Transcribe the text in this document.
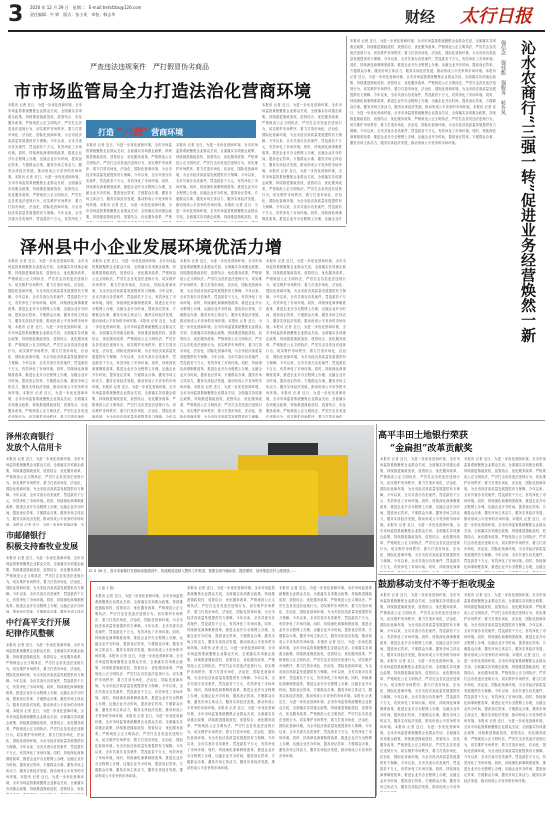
3 2020 年 12 月 29 日　星期二　E-mail:tmfxfzbs@126.com
责任编辑：牛 婷　版式：张小英　审校：韩志华	财经 太行日报
严查违法违规案件　严打假冒伪劣商品
市市场监管局全力打造法治化营商环境
本报讯 记者 近日，为进一步优化营商环境，全市市场监管系统聚焦企业群众关切，全面落实各项惠企政策，持续推进简政放权、放管结合、优化服务改革，严格规范公正文明执法，严厉打击各类违法违规行为，切实维护市场秩序，着力打造市场化、法治化、国际化营商环境，为全市经济高质量发展提供有力保障。今年以来，全市共查办各类案件，罚没款若干万元，有效净化了市场环境。同时，持续深化商事制度改革，推进企业开办全程网上办理，压缩企业开办时间，提高登记效率，方便群众办事，激发市场主体活力，服务实体经济发展，推动形成公平竞争的市场环境。本报讯 记者 近日，为进一步优化营商环境，全市市场监管系统聚焦企业群众关切，全面落实各项惠企政策，持续推进简政放权、放管结合、优化服务改革，严格规范公正文明执法，严厉打击各类违法违规行为，切实维护市场秩序，着力打造市场化、法治化、国际化营商环境，为全市经济高质量发展提供有力保障。今年以来，全市共查办各类案件，罚没款若干万元，有效净化了
打造 “六最” 营商环境
本报讯 记者 近日，为进一步优化营商环境，全市市场监管系统聚焦企业群众关切，全面落实各项惠企政策，持续推进简政放权、放管结合、优化服务改革，严格规范公正文明执法，严厉打击各类违法违规行为，切实维护市场秩序，着力打造市场化、法治化、国际化营商环境，为全市经济高质量发展提供有力保障。今年以来，全市共查办各类案件，罚没款若干万元，有效净化了市场环境。同时，持续深化商事制度改革，推进企业开办全程网上办理，压缩企业开办时间，提高登记效率，方便群众办事，激发市场主体活力，服务实体经济发展，推动形成公平竞争的市场环境。本报讯 记者 近日，为进一步优化营商环境，全市市场监管系统聚焦企业群众关切，全面落实各项惠企政策，持续推进简政放权、放管结合、优化服务改革，严格
本报讯 记者 近日，为进一步优化营商环境，全市市场监管系统聚焦企业群众关切，全面落实各项惠企政策，持续推进简政放权、放管结合、优化服务改革，严格规范公正文明执法，严厉打击各类违法违规行为，切实维护市场秩序，着力打造市场化、法治化、国际化营商环境，为全市经济高质量发展提供有力保障。今年以来，全市共查办各类案件，罚没款若干万元，有效净化了市场环境。同时，持续深化商事制度改革，推进企业开办全程网上办理，压缩企业开办时间，提高登记效率，方便群众办事，激发市场主体活力，服务实体经济发展，推动形成公平竞争的市场环境。本报讯 记者 近日，为进一步优化营商环境，全市市场监管系统聚焦企业群众关切，全面落实各项惠企政策，持续推进简政放权、放
本报讯 记者 近日，为进一步优化营商环境，全市市场监管系统聚焦企业群众关切，全面落实各项惠企政策，持续推进简政放权、放管结合、优化服务改革，严格规范公正文明执法，严厉打击各类违法违规行为，切实维护市场秩序，着力打造市场化、法治化、国际化营商环境，为全市经济高质量发展提供有力保障。今年以来，全市共查办各类案件，罚没款若干万元，有效净化了市场环境。同时，持续深化商事制度改革，推进企业开办全程网上办理，压缩企业开办时间，提高登记效率，方便群众办事，激发市场主体活力，服务实体经济发展，推动形成公平竞争的市场环境。本报讯 记者 近日，为进一步优化营商环境，全市市场监管系统聚焦企业群众关切，全面落实各项惠企政策，持续推进简政放权、放管结合、优化服务改革，严格规范公正文明执法，严厉打击各类违法违规行为，切实维护市场秩序，着力打造市场化、法治化、国际化营商环境，为全市经济高质量发展提供有力保障。今年以来，全市共查办各类案件，罚没款若干万元，有效净化了市场环境。同时，持续深化商事制度改革，推进企业开办全程网上办理，压缩企业开
本报讯 记者 近日，为进一步优化营商环境，全市市场监管系统聚焦企业群众关切，全面落实各项惠企政策，持续推进简政放权、放管结合、优化服务改革，严格规范公正文明执法，严厉打击各类违法违规行为，切实维护市场秩序，着力打造市场化、法治化、国际化营商环境，为全市经济高质量发展提供有力保障。今年以来，全市共查办各类案件，罚没款若干万元，有效净化了市场环境。同时，持续深化商事制度改革，推进企业开办全程网上办理，压缩企业开办时间，提高登记效率，方便群众办事，激发市场主体活力，服务实体经济发展，推动形成公平竞争的市场环境。本报讯 记者 近日，为进一步优化营商环境，全市市场监管系统聚焦企业群众关切，全面落实各项惠企政策，持续推进简政放权、放管结合、优化服务改革，严格规范公正文明执法，严厉打击各类违法违规行为，切实维护市场秩序，着力打造市场化、法治化、国际化营商环境，为全市经济高质量发展提供有力保障。今年以来，全市共查办各类案件，罚没款若干万元，有效净化了市场环境。同时，持续深化商事制度改革，推进企业开办全程网上办理，压缩企业开办时间，提高登记效率，方便群众办事，激发市场主体活力，服务实体经济发展，推动形成公平竞争的市场环境。本报讯 记者 近日，为进一步优化营商环境，全市市场监管系统聚焦企业群众关切，全面落实各项惠企政策，持续推进简政放权、放管结合、优化服务改革，严格规范公正文明执法，严厉打击各类违法违规行为，切实维护市场秩序，着力打造市场化、法治化、国际化营商环境，为全市经济高质量发展提供有力保障。今年以来，全市共查办各类案件，罚没款若干万元，有效净化了市场环境。同时，持续深化商事制度改革，推进企业开办全程网上办理，压缩企业开办时间，提高登记效率，方便群众办事，激发市场主体活力，服务实体经济发展，推动形成公平竞争的市场环境。
强信念　强技能　强服务　转作风 沁水农商行“三强一转”促进业务经营焕然一新
泽州县中小企业发展环境优活力增
本报讯 记者 近日，为进一步优化营商环境，全市市场监管系统聚焦企业群众关切，全面落实各项惠企政策，持续推进简政放权、放管结合、优化服务改革，严格规范公正文明执法，严厉打击各类违法违规行为，切实维护市场秩序，着力打造市场化、法治化、国际化营商环境，为全市经济高质量发展提供有力保障。今年以来，全市共查办各类案件，罚没款若干万元，有效净化了市场环境。同时，持续深化商事制度改革，推进企业开办全程网上办理，压缩企业开办时间，提高登记效率，方便群众办事，激发市场主体活力，服务实体经济发展，推动形成公平竞争的市场环境。本报讯 记者 近日，为进一步优化营商环境，全市市场监管系统聚焦企业群众关切，全面落实各项惠企政策，持续推进简政放权、放管结合、优化服务改革，严格规范公正文明执法，严厉打击各类违法违规行为，切实维护市场秩序，着力打造市场化、法治化、国际化营商环境，为全市经济高质量发展提供有力保障。今年以来，全市共查办各类案件，罚没款若干万元，有效净化了市场环境。同时，持续深化商事制度改革，推进企业开办全程网上办理，压缩企业开办时间，提高登记效率，方便群众办事，激发市场主体活力，服务实体经济发展，推动形成公平竞争的市场环境。本报讯 记者 近日，为进一步优化营商环境，全市市场监管系统聚焦企业群众关切，全面落实各项惠企政策，持续推进简政放权、放管结合、优化服务改革，严格规范公正文明执法，严厉打击各类违法违规行为，切实维护市场秩序，着力打造市场化、
本报讯 记者 近日，为进一步优化营商环境，全市市场监管系统聚焦企业群众关切，全面落实各项惠企政策，持续推进简政放权、放管结合、优化服务改革，严格规范公正文明执法，严厉打击各类违法违规行为，切实维护市场秩序，着力打造市场化、法治化、国际化营商环境，为全市经济高质量发展提供有力保障。今年以来，全市共查办各类案件，罚没款若干万元，有效净化了市场环境。同时，持续深化商事制度改革，推进企业开办全程网上办理，压缩企业开办时间，提高登记效率，方便群众办事，激发市场主体活力，服务实体经济发展，推动形成公平竞争的市场环境。本报讯 记者 近日，为进一步优化营商环境，全市市场监管系统聚焦企业群众关切，全面落实各项惠企政策，持续推进简政放权、放管结合、优化服务改革，严格规范公正文明执法，严厉打击各类违法违规行为，切实维护市场秩序，着力打造市场化、法治化、国际化营商环境，为全市经济高质量发展提供有力保障。今年以来，全市共查办各类案件，罚没款若干万元，有效净化了市场环境。同时，持续深化商事制度改革，推进企业开办全程网上办理，压缩企业开办时间，提高登记效率，方便群众办事，激发市场主体活力，服务实体经济发展，推动形成公平竞争的市场环境。本报讯 记者 近日，为进一步优化营商环境，全市市场监管系统聚焦企业群众关切，全面落实各项惠企政策，持续推进简政放权、放管结合、优化服务改革，严格规范公正文明执法，严厉打击各类违法违规行为，切实维护市场秩序，着力打造市场化、法治化、国际化营商环境，为全市经济高质量发展提供有力保障。今年以
本报讯 记者 近日，为进一步优化营商环境，全市市场监管系统聚焦企业群众关切，全面落实各项惠企政策，持续推进简政放权、放管结合、优化服务改革，严格规范公正文明执法，严厉打击各类违法违规行为，切实维护市场秩序，着力打造市场化、法治化、国际化营商环境，为全市经济高质量发展提供有力保障。今年以来，全市共查办各类案件，罚没款若干万元，有效净化了市场环境。同时，持续深化商事制度改革，推进企业开办全程网上办理，压缩企业开办时间，提高登记效率，方便群众办事，激发市场主体活力，服务实体经济发展，推动形成公平竞争的市场环境。本报讯 记者 近日，为进一步优化营商环境，全市市场监管系统聚焦企业群众关切，全面落实各项惠企政策，持续推进简政放权、放管结合、优化服务改革，严格规范公正文明执法，严厉打击各类违法违规行为，切实维护市场秩序，着力打造市场化、法治化、国际化营商环境，为全市经济高质量发展提供有力保障。今年以来，全市共查办各类案件，罚没款若干万元，有效净化了市场环境。同时，持续深化商事制度改革，推进企业开办全程网上办理，压缩企业开办时间，提高登记效率，方便群众办事，激发市场主体活力，服务实体经济发展，推动形成公平竞争的市场环境。本报讯 记者 近日，为进一步优化营商环境，全市市场监管系统聚焦企业群众关切，全面落实各项惠企政策，持续推进简政放权、放管结合、优化服务改革，严格规范公正文明执法，严厉打击各类违法违规行为，切实维护市场秩序，着力打造市场化、法治化、国际化营商环境，为全市经济高质量发展提供有力保障。
本报讯 记者 近日，为进一步优化营商环境，全市市场监管系统聚焦企业群众关切，全面落实各项惠企政策，持续推进简政放权、放管结合、优化服务改革，严格规范公正文明执法，严厉打击各类违法违规行为，切实维护市场秩序，着力打造市场化、法治化、国际化营商环境，为全市经济高质量发展提供有力保障。今年以来，全市共查办各类案件，罚没款若干万元，有效净化了市场环境。同时，持续深化商事制度改革，推进企业开办全程网上办理，压缩企业开办时间，提高登记效率，方便群众办事，激发市场主体活力，服务实体经济发展，推动形成公平竞争的市场环境。本报讯 记者 近日，为进一步优化营商环境，全市市场监管系统聚焦企业群众关切，全面落实各项惠企政策，持续推进简政放权、放管结合、优化服务改革，严格规范公正文明执法，严厉打击各类违法违规行为，切实维护市场秩序，着力打造市场化、法治化、国际化营商环境，为全市经济高质量发展提供有力保障。今年以来，全市共查办各类案件，罚没款若干万元，有效净化了市场环境。同时，持续深化商事制度改革，推进企业开办全程网上办理，压缩企业开办时间，提高登记效率，方便群众办事，激发市场主体活力，服务实体经济发展，推动形成公平竞争的市场环境。本报讯 记者 近日，为进一步优化营商环境，全市市场监管系统聚焦企业群众关切，全面落实各项惠企政策，持续推进简政放权、放管结合、优化服务改革，严格规范公正文明执法，严厉打击各类违法违规行为，切实维护市场秩序，着力打造市场化、
泽州农商银行
发放个人信用卡
本报讯 记者 近日，为进一步优化营商环境，全市市场监管系统聚焦企业群众关切，全面落实各项惠企政策，持续推进简政放权、放管结合、优化服务改革，严格规范公正文明执法，严厉打击各类违法违规行为，切实维护市场秩序，着力打造市场化、法治化、国际化营商环境，为全市经济高质量发展提供有力保障。今年以来，全市共查办各类案件，罚没款若干万元，有效净化了市场环境。同时，持续深化商事制度改革，推进企业开办全程网上办理，压缩企业开办时间，提高登记效率，方便群众办事，激发市场主体活力，服务实体经济发展，推动形成公平竞争的市场环境。本报讯 记者 近日，为进一步优化营商环境，全
市邮储银行
积极支持畜牧业发展
本报讯 记者 近日，为进一步优化营商环境，全市市场监管系统聚焦企业群众关切，全面落实各项惠企政策，持续推进简政放权、放管结合、优化服务改革，严格规范公正文明执法，严厉打击各类违法违规行为，切实维护市场秩序，着力打造市场化、法治化、国际化营商环境，为全市经济高质量发展提供有力保障。今年以来，全市共查办各类案件，罚没款若干万元，有效净化了市场环境。同时，持续深化商事制度改革，推进企业开办全程网上办理，压缩企业开办时间，提高登记效率，方便群众办事，激发市场主体活
中行高平支行开展
纪律作风整顿
本报讯 记者 近日，为进一步优化营商环境，全市市场监管系统聚焦企业群众关切，全面落实各项惠企政策，持续推进简政放权、放管结合、优化服务改革，严格规范公正文明执法，严厉打击各类违法违规行为，切实维护市场秩序，着力打造市场化、法治化、国际化营商环境，为全市经济高质量发展提供有力保障。今年以来，全市共查办各类案件，罚没款若干万元，有效净化了市场环境。同时，持续深化商事制度改革，推进企业开办全程网上办理，压缩企业开办时间，提高登记效率，方便群众办事，激发市场主体活力，服务实体经济发展，推动形成公平竞争的市场环境。本报讯 记者 近日，为进一步优化营商环境，全市市场监管系统聚焦企业群众关切，全面落实各项惠企政策，持续推进简政放权、放管结合、优化服务改革，严格规范公正文明执法，严厉打击各类违法违规行为，切实维护市场秩序，着力打造市场化、法治化、国际化营商环境，为全市经济高质量发展提供有力保障。今年以来，全市共查办各类案件，罚没款若干万元，有效净化了市场环境。同时，持续深化商事制度改革，推进企业开办全程网上办理，压缩企业开办时间，提高登记效率，方便群众办事，激发市场主体活力，服务实体经济发展，推动形成公平竞争的市场环境。本报讯 记者 近日，为进一步优化营商环境，全市市场监管系统聚焦企业群众关切，全面落实各项惠企政策，持续推进简政放权、放管结合、优化
12 月 26 日，高平市新陈村在基础设施建设中，将道路改造纳入整体工作推进，按照全面升级标准，提质增效，加快推进农村公路建设……
（上接 1 版）
本报讯 记者 近日，为进一步优化营商环境，全市市场监管系统聚焦企业群众关切，全面落实各项惠企政策，持续推进简政放权、放管结合、优化服务改革，严格规范公正文明执法，严厉打击各类违法违规行为，切实维护市场秩序，着力打造市场化、法治化、国际化营商环境，为全市经济高质量发展提供有力保障。今年以来，全市共查办各类案件，罚没款若干万元，有效净化了市场环境。同时，持续深化商事制度改革，推进企业开办全程网上办理，压缩企业开办时间，提高登记效率，方便群众办事，激发市场主体活力，服务实体经济发展，推动形成公平竞争的市场环境。本报讯 记者 近日，为进一步优化营商环境，全市市场监管系统聚焦企业群众关切，全面落实各项惠企政策，持续推进简政放权、放管结合、优化服务改革，严格规范公正文明执法，严厉打击各类违法违规行为，切实维护市场秩序，着力打造市场化、法治化、国际化营商环境，为全市经济高质量发展提供有力保障。今年以来，全市共查办各类案件，罚没款若干万元，有效净化了市场环境。同时，持续深化商事制度改革，推进企业开办全程网上办理，压缩企业开办时间，提高登记效率，方便群众办事，激发市场主体活力，服务实体经济发展，推动形成公平竞争的市场环境。本报讯 记者 近日，为进一步优化营商环境，全市市场监管系统聚焦企业群众关切，全面落实各项惠企政策，持续推进简政放权、放管结合、优化服务改革，严格规范公正文明执法，严厉打击各类违法违规行为，切实维护市场秩序，着力打造市场化、法治化、国际化营商环境，为全市经济高质量发展提供有力保障。今年以来，全市共查办各类案件，罚没款若干万元，有效净化了市场环境。同时，持续深化商事制度改革，推进企业开办全程网上办理，压缩企业开办时间，提高登记效率，方便群众办事，激发市场主体活力，服务实体经济发展，推动形成公平竞争的市场环境。
本报讯 记者 近日，为进一步优化营商环境，全市市场监管系统聚焦企业群众关切，全面落实各项惠企政策，持续推进简政放权、放管结合、优化服务改革，严格规范公正文明执法，严厉打击各类违法违规行为，切实维护市场秩序，着力打造市场化、法治化、国际化营商环境，为全市经济高质量发展提供有力保障。今年以来，全市共查办各类案件，罚没款若干万元，有效净化了市场环境。同时，持续深化商事制度改革，推进企业开办全程网上办理，压缩企业开办时间，提高登记效率，方便群众办事，激发市场主体活力，服务实体经济发展，推动形成公平竞争的市场环境。本报讯 记者 近日，为进一步优化营商环境，全市市场监管系统聚焦企业群众关切，全面落实各项惠企政策，持续推进简政放权、放管结合、优化服务改革，严格规范公正文明执法，严厉打击各类违法违规行为，切实维护市场秩序，着力打造市场化、法治化、国际化营商环境，为全市经济高质量发展提供有力保障。今年以来，全市共查办各类案件，罚没款若干万元，有效净化了市场环境。同时，持续深化商事制度改革，推进企业开办全程网上办理，压缩企业开办时间，提高登记效率，方便群众办事，激发市场主体活力，服务实体经济发展，推动形成公平竞争的市场环境。本报讯 记者 近日，为进一步优化营商环境，全市市场监管系统聚焦企业群众关切，全面落实各项惠企政策，持续推进简政放权、放管结合、优化服务改革，严格规范公正文明执法，严厉打击各类违法违规行为，切实维护市场秩序，着力打造市场化、法治化、国际化营商环境，为全市经济高质量发展提供有力保障。今年以来，全市共查办各类案件，罚没款若干万元，有效净化了市场环境。同时，持续深化商事制度改革，推进企业开办全程网上办理，压缩企业开办时间，提高登记效率，方便群众办事，激发市场主体活力，服务实体经济发展，推动形成公平竞争的市场环境。
本报讯 记者 近日，为进一步优化营商环境，全市市场监管系统聚焦企业群众关切，全面落实各项惠企政策，持续推进简政放权、放管结合、优化服务改革，严格规范公正文明执法，严厉打击各类违法违规行为，切实维护市场秩序，着力打造市场化、法治化、国际化营商环境，为全市经济高质量发展提供有力保障。今年以来，全市共查办各类案件，罚没款若干万元，有效净化了市场环境。同时，持续深化商事制度改革，推进企业开办全程网上办理，压缩企业开办时间，提高登记效率，方便群众办事，激发市场主体活力，服务实体经济发展，推动形成公平竞争的市场环境。本报讯 记者 近日，为进一步优化营商环境，全市市场监管系统聚焦企业群众关切，全面落实各项惠企政策，持续推进简政放权、放管结合、优化服务改革，严格规范公正文明执法，严厉打击各类违法违规行为，切实维护市场秩序，着力打造市场化、法治化、国际化营商环境，为全市经济高质量发展提供有力保障。今年以来，全市共查办各类案件，罚没款若干万元，有效净化了市场环境。同时，持续深化商事制度改革，推进企业开办全程网上办理，压缩企业开办时间，提高登记效率，方便群众办事，激发市场主体活力，服务实体经济发展，推动形成公平竞争的市场环境。本报讯 记者 近日，为进一步优化营商环境，全市市场监管系统聚焦企业群众关切，全面落实各项惠企政策，持续推进简政放权、放管结合、优化服务改革，严格规范公正文明执法，严厉打击各类违法违规行为，切实维护市场秩序，着力打造市场化、法治化、国际化营商环境，为全市经济高质量发展提供有力保障。今年以来，全市共查办各类案件，罚没款若干万元，有效净化了市场环境。同时，持续深化商事制度改革，推进企业开办全程网上办理，压缩企业开办时间，提高登记效率，方便群众办事，激发市场主体活力，服务实体经济发展，推动形成公平竞争的市场环境。
高平丰田土地银行荣获
“金扁担”改革贡献奖
本报讯 记者 近日，为进一步优化营商环境，全市市场监管系统聚焦企业群众关切，全面落实各项惠企政策，持续推进简政放权、放管结合、优化服务改革，严格规范公正文明执法，严厉打击各类违法违规行为，切实维护市场秩序，着力打造市场化、法治化、国际化营商环境，为全市经济高质量发展提供有力保障。今年以来，全市共查办各类案件，罚没款若干万元，有效净化了市场环境。同时，持续深化商事制度改革，推进企业开办全程网上办理，压缩企业开办时间，提高登记效率，方便群众办事，激发市场主体活力，服务实体经济发展，推动形成公平竞争的市场环境。本报讯 记者 近日，为进一步优化营商环境，全市市场监管系统聚焦企业群众关切，全面落实各项惠企政策，持续推进简政放权、放管结合、优化服务改革，严格规范公正文明执法，严厉打击各类违法违规行为，切实维护市场秩序，着力打造市场化、法治化、国际化营商环境，为全市经济高质量发展提供有力保障。今年以来，全市共查办各类案件，罚没款若干万元，有效净化了市场环境。同时，持续深化商事
本报讯 记者 近日，为进一步优化营商环境，全市市场监管系统聚焦企业群众关切，全面落实各项惠企政策，持续推进简政放权、放管结合、优化服务改革，严格规范公正文明执法，严厉打击各类违法违规行为，切实维护市场秩序，着力打造市场化、法治化、国际化营商环境，为全市经济高质量发展提供有力保障。今年以来，全市共查办各类案件，罚没款若干万元，有效净化了市场环境。同时，持续深化商事制度改革，推进企业开办全程网上办理，压缩企业开办时间，提高登记效率，方便群众办事，激发市场主体活力，服务实体经济发展，推动形成公平竞争的市场环境。本报讯 记者 近日，为进一步优化营商环境，全市市场监管系统聚焦企业群众关切，全面落实各项惠企政策，持续推进简政放权、放管结合、优化服务改革，严格规范公正文明执法，严厉打击各类违法违规行为，切实维护市场秩序，着力打造市场化、法治化、国际化营商环境，为全市经济高质量发展提供有力保障。今年以来，全市共查办各类案件，罚没款若干万元，有效净化了市场环境。同时，持续深化商事制度改革，推进企业开办全程网上办理，压缩企
鼓励移动支付不等于拒收现金
本报讯 记者 近日，为进一步优化营商环境，全市市场监管系统聚焦企业群众关切，全面落实各项惠企政策，持续推进简政放权、放管结合、优化服务改革，严格规范公正文明执法，严厉打击各类违法违规行为，切实维护市场秩序，着力打造市场化、法治化、国际化营商环境，为全市经济高质量发展提供有力保障。今年以来，全市共查办各类案件，罚没款若干万元，有效净化了市场环境。同时，持续深化商事制度改革，推进企业开办全程网上办理，压缩企业开办时间，提高登记效率，方便群众办事，激发市场主体活力，服务实体经济发展，推动形成公平竞争的市场环境。本报讯 记者 近日，为进一步优化营商环境，全市市场监管系统聚焦企业群众关切，全面落实各项惠企政策，持续推进简政放权、放管结合、优化服务改革，严格规范公正文明执法，严厉打击各类违法违规行为，切实维护市场秩序，着力打造市场化、法治化、国际化营商环境，为全市经济高质量发展提供有力保障。今年以来，全市共查办各类案件，罚没款若干万元，有效净化了市场环境。同时，持续深化商事制度改革，推进企业开办全程网上办理，压缩企业开办时间，提高登记效率，方便群众办事，激发市场主体活力，服务实体经济发展，推动形成公平竞争的市场环境。本报讯 记者 近日，为进一步优化营商环境，全市市场监管系统聚焦企业群众关切，全面落实各项惠企政策，持续推进简政放权、放管结合、优化服务改革，严格规范公正文明执法，严厉打击各类违法违规行为，切实维护市场秩序，着力打造市场化、法治化、国际化营商环境，为全市经济高质量发展提供有力保障。今年以来，全市共查办各类案件，罚没款若干万元，有效净化了市场环境。同时，持续深化商事制度改革，推进企业开办全程网上办理，压缩企业开办时间，提高登记效率，方便群众办事，激发市场主体活力，服务实体经济发展，推动形成公平竞争
本报讯 记者 近日，为进一步优化营商环境，全市市场监管系统聚焦企业群众关切，全面落实各项惠企政策，持续推进简政放权、放管结合、优化服务改革，严格规范公正文明执法，严厉打击各类违法违规行为，切实维护市场秩序，着力打造市场化、法治化、国际化营商环境，为全市经济高质量发展提供有力保障。今年以来，全市共查办各类案件，罚没款若干万元，有效净化了市场环境。同时，持续深化商事制度改革，推进企业开办全程网上办理，压缩企业开办时间，提高登记效率，方便群众办事，激发市场主体活力，服务实体经济发展，推动形成公平竞争的市场环境。本报讯 记者 近日，为进一步优化营商环境，全市市场监管系统聚焦企业群众关切，全面落实各项惠企政策，持续推进简政放权、放管结合、优化服务改革，严格规范公正文明执法，严厉打击各类违法违规行为，切实维护市场秩序，着力打造市场化、法治化、国际化营商环境，为全市经济高质量发展提供有力保障。今年以来，全市共查办各类案件，罚没款若干万元，有效净化了市场环境。同时，持续深化商事制度改革，推进企业开办全程网上办理，压缩企业开办时间，提高登记效率，方便群众办事，激发市场主体活力，服务实体经济发展，推动形成公平竞争的市场环境。本报讯 记者 近日，为进一步优化营商环境，全市市场监管系统聚焦企业群众关切，全面落实各项惠企政策，持续推进简政放权、放管结合、优化服务改革，严格规范公正文明执法，严厉打击各类违法违规行为，切实维护市场秩序，着力打造市场化、法治化、国际化营商环境，为全市经济高质量发展提供有力保障。今年以来，全市共查办各类案件，罚没款若干万元，有效净化了市场环境。同时，持续深化商事制度改革，推进企业开办全程网上办理，压缩企业开办时间，提高登记效率，方便群众办事，激发市场主体活力，服务实体经济发展，推动形成公平竞争的市场环境。
